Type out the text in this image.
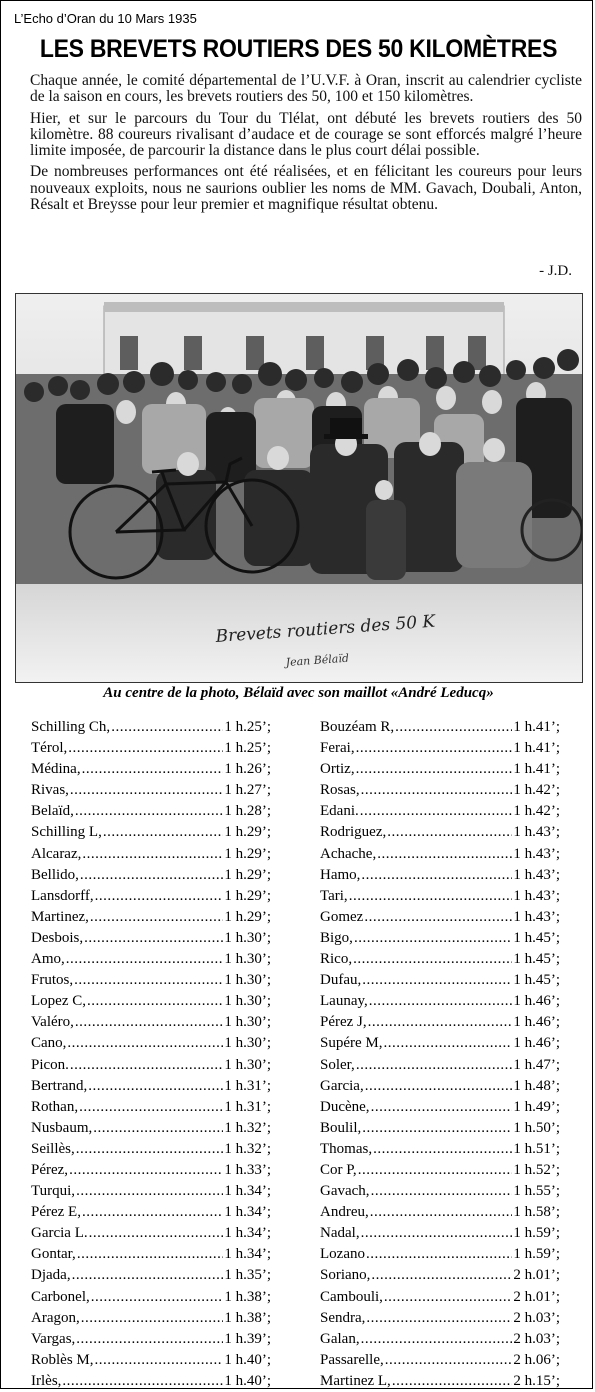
L’Echo d’Oran du 10 Mars 1935
LES BREVETS ROUTIERS DES 50 KILOMÈTRES

Chaque année, le comité départemental de l’U.V.F. à Oran, inscrit au calendrier cycliste de la saison en cours, les brevets routiers des 50, 100 et 150 kilomètres.

Hier, et sur le parcours du Tour du Tlélat, ont débuté les brevets routiers des 50 kilomètre. 88 coureurs rivalisant d’audace et de courage se sont efforcés malgré l’heure limite imposée, de parcourir la distance dans le plus court délai possible.

De nombreuses performances ont été réalisées, et en félicitant les coureurs pour leurs nouveaux exploits, nous ne saurions oublier les noms de MM. Gavach, Doubali, Anton, Résalt et Breysse pour leur premier et magnifique résultat obtenu.

- J.D.
Brevets routiers des 50 K
Jean Bélaïd
Au centre de la photo, Bélaïd avec son maillot «André Leducq»
Schilling Ch, .....	1 h.25’;
Térol, .....	1 h.25’;
Médina, .....	1 h.26’;
Rivas, .....	1 h.27’;
Belaïd, .....	1 h.28’;
Schilling L, .....	1 h.29’;
Alcaraz, .....	1 h.29’;
Bellido, .....	1 h.29’;
Lansdorff, .....	1 h.29’;
Martinez, .....	1 h.29’;
Desbois, .....	1 h.30’;
Amo, .....	1 h.30’;
Frutos, .....	1 h.30’;
Lopez C, .....	1 h.30’;
Valéro, .....	1 h.30’;
Cano, .....	1 h.30’;
Picon. .....	1 h.30’;
Bertrand, .....	1 h.31’;
Rothan, .....	1 h.31’;
Nusbaum, .....	1 h.32’;
Seillès, .....	1 h.32’;
Pérez, .....	1 h.33’;
Turqui, .....	1 h.34’;
Pérez E, .....	1 h.34’;
Garcia L. .....	1 h.34’;
Gontar, .....	1 h.34’;
Djada, .....	1 h.35’;
Carbonel, .....	1 h.38’;
Aragon, .....	1 h.38’;
Vargas, .....	1 h.39’;
Roblès M, .....	1 h.40’;
Irlès, .....	1 h.40’;
Bouzéam R, .....	1 h.41’;
Ferai, .....	1 h.41’;
Ortiz, .....	1 h.41’;
Rosas, .....	1 h.42’;
Edani. .....	1 h.42’;
Rodriguez, .....	1 h.43’;
Achache, .....	1 h.43’;
Hamo, .....	1 h.43’;
Tari, .....	1 h.43’;
Gomez .....	1 h.43’;
Bigo, .....	1 h.45’;
Rico, .....	1 h.45’;
Dufau, .....	1 h.45’;
Launay, .....	1 h.46’;
Pérez J, .....	1 h.46’;
Supére M, .....	1 h.46’;
Soler, .....	1 h.47’;
Garcia, .....	1 h.48’;
Ducène, .....	1 h.49’;
Boulil, .....	1 h.50’;
Thomas, .....	1 h.51’;
Cor P, .....	1 h.52’;
Gavach, .....	1 h.55’;
Andreu, .....	1 h.58’;
Nadal, .....	1 h.59’;
Lozano .....	1 h.59’;
Soriano, .....	2 h.01’;
Cambouli, .....	2 h.01’;
Sendra, .....	2 h.03’;
Galan, .....	2 h.03’;
Passarelle, .....	2 h.06’;
Martinez L, .....	2 h.15’;
